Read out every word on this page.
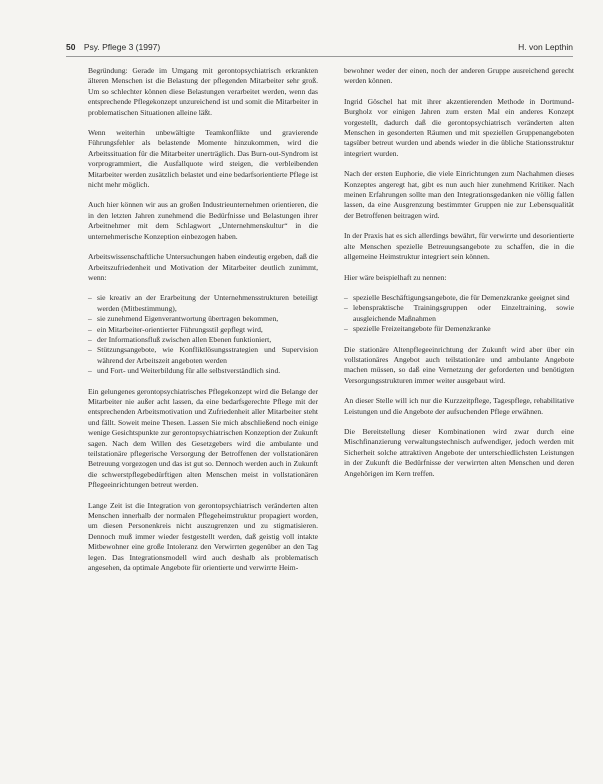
50 Psy. Pflege 3 (1997)	H. von Lepthin

Begründung: Gerade im Umgang mit gerontopsychiatrisch erkrankten älteren Menschen ist die Belastung der pflegenden Mitarbeiter sehr groß. Um so schlechter können diese Belastungen verarbeitet werden, wenn das entsprechende Pflegekonzept unzureichend ist und somit die Mitarbeiter in problematischen Situationen alleine läßt.

Wenn weiterhin unbewältigte Teamkonflikte und gravierende Führungsfehler als belastende Momente hinzukommen, wird die Arbeitssituation für die Mitarbeiter unerträglich. Das Burn-out-Syndrom ist vorprogrammiert, die Ausfallquote wird steigen, die verbleibenden Mitarbeiter werden zusätzlich belastet und eine bedarfsorientierte Pflege ist nicht mehr möglich.

Auch hier können wir aus an großen Industrieunternehmen orientieren, die in den letzten Jahren zunehmend die Bedürfnisse und Belastungen ihrer Arbeitnehmer mit dem Schlagwort „Unternehmenskultur“ in die unternehmerische Konzeption einbezogen haben.

Arbeitswissenschaftliche Untersuchungen haben eindeutig ergeben, daß die Arbeitszufriedenheit und Motivation der Mitarbeiter deutlich zunimmt, wenn:

– sie kreativ an der Erarbeitung der Unternehmensstrukturen beteiligt werden (Mitbestimmung),
– sie zunehmend Eigenverantwortung übertragen bekommen,
– ein Mitarbeiter-orientierter Führungsstil gepflegt wird,
– der Informationsfluß zwischen allen Ebenen funktioniert,
– Stützungsangebote, wie Konfliktlösungsstrategien und Supervision während der Arbeitszeit angeboten werden
– und Fort- und Weiterbildung für alle selbstverständlich sind.

Ein gelungenes gerontopsychiatrisches Pflegekonzept wird die Belange der Mitarbeiter nie außer acht lassen, da eine bedarfsgerechte Pflege mit der entsprechenden Arbeitsmotivation und Zufriedenheit aller Mitarbeiter steht und fällt. Soweit meine Thesen. Lassen Sie mich abschließend noch einige wenige Gesichtspunkte zur gerontopsychiatrischen Konzeption der Zukunft sagen. Nach dem Willen des Gesetzgebers wird die ambulante und teilstationäre pflegerische Versorgung der Betroffenen der vollstationären Betreuung vorgezogen und das ist gut so. Dennoch werden auch in Zukunft die schwerstpflegebedürftigen alten Menschen meist in vollstationären Pflegeeinrichtungen betreut werden.

Lange Zeit ist die Integration von gerontopsychiatrisch veränderten alten Menschen innerhalb der normalen Pflegeheimstruktur propagiert worden, um diesen Personenkreis nicht auszugrenzen und zu stigmatisieren. Dennoch muß immer wieder festgestellt werden, daß geistig voll intakte Mitbewohner eine große Intoleranz den Verwirrten gegenüber an den Tag legen. Das Integrationsmodell wird auch deshalb als problematisch angesehen, da optimale Angebote für orientierte und verwirrte Heim-

bewohner weder der einen, noch der anderen Gruppe ausreichend gerecht werden können.

Ingrid Göschel hat mit ihrer akzentierenden Methode in Dortmund-Burgholz vor einigen Jahren zum ersten Mal ein anderes Konzept vorgestellt, dadurch daß die gerontopsychiatrisch veränderten alten Menschen in gesonderten Räumen und mit speziellen Gruppenangeboten tagsüber betreut wurden und abends wieder in die übliche Stationsstruktur integriert wurden.

Nach der ersten Euphorie, die viele Einrichtungen zum Nachahmen dieses Konzeptes angeregt hat, gibt es nun auch hier zunehmend Kritiker. Nach meinen Erfahrungen sollte man den Integrationsgedanken nie völlig fallen lassen, da eine Ausgrenzung bestimmter Gruppen nie zur Lebensqualität der Betroffenen beitragen wird.

In der Praxis hat es sich allerdings bewährt, für verwirrte und desorientierte alte Menschen spezielle Betreuungsangebote zu schaffen, die in die allgemeine Heimstruktur integriert sein können.

Hier wäre beispielhaft zu nennen:

– spezielle Beschäftigungsangebote, die für Demenzkranke geeignet sind
– lebenspraktische Trainingsgruppen oder Einzeltraining, sowie ausgleichende Maßnahmen
– spezielle Freizeitangebote für Demenzkranke

Die stationäre Altenpflegeeinrichtung der Zukunft wird aber über ein vollstationäres Angebot auch teilstationäre und ambulante Angebote machen müssen, so daß eine Vernetzung der geforderten und benötigten Versorgungsstrukturen immer weiter ausgebaut wird.

An dieser Stelle will ich nur die Kurzzeitpflege, Tagespflege, rehabilitative Leistungen und die Angebote der aufsuchenden Pflege erwähnen.

Die Bereitstellung dieser Kombinationen wird zwar durch eine Mischfinanzierung verwaltungstechnisch aufwendiger, jedoch werden mit Sicherheit solche attraktiven Angebote der unterschiedlichsten Leistungen in der Zukunft die Bedürfnisse der verwirrten alten Menschen und deren Angehörigen im Kern treffen.
